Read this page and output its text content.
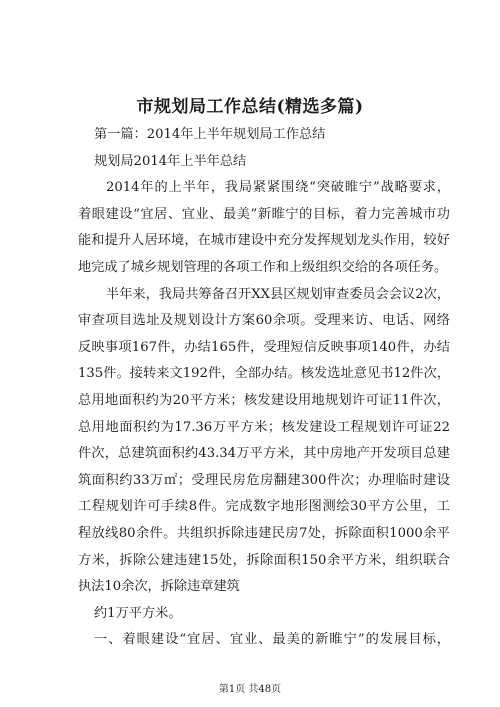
市规划局工作总结(精选多篇)
第一篇：2014年上半年规划局工作总结
规划局2014年上半年总结
2014年的上半年，我局紧紧围绕“突破睢宁”战略要求，
着眼建设“宜居、宜业、最美”新睢宁的目标，着力完善城市功
能和提升人居环境，在城市建设中充分发挥规划龙头作用，较好
地完成了城乡规划管理的各项工作和上级组织交给的各项任务。
半年来，我局共筹备召开XX县区规划审查委员会会议2次，
审查项目选址及规划设计方案60余项。受理来访、电话、网络
反映事项167件，办结165件，受理短信反映事项140件，办结
135件。接转来文192件，全部办结。核发选址意见书12件次，
总用地面积约为20平方米；核发建设用地规划许可证11件次，
总用地面积约为17.36万平方米；核发建设工程规划许可证22
件次，总建筑面积约43.34万平方米，其中房地产开发项目总建
筑面积约33万㎡；受理民房危房翻建300件次；办理临时建设
工程规划许可手续8件。完成数字地形图测绘30平方公里，工
程放线80余件。共组织拆除违建民房7处，拆除面积1000余平
方米，拆除公建违建15处，拆除面积150余平方米，组织联合
执法10余次，拆除违章建筑
约1万平方米。
一、着眼建设“宜居、宜业、最美的新睢宁”的发展目标，
第1页 共48页
